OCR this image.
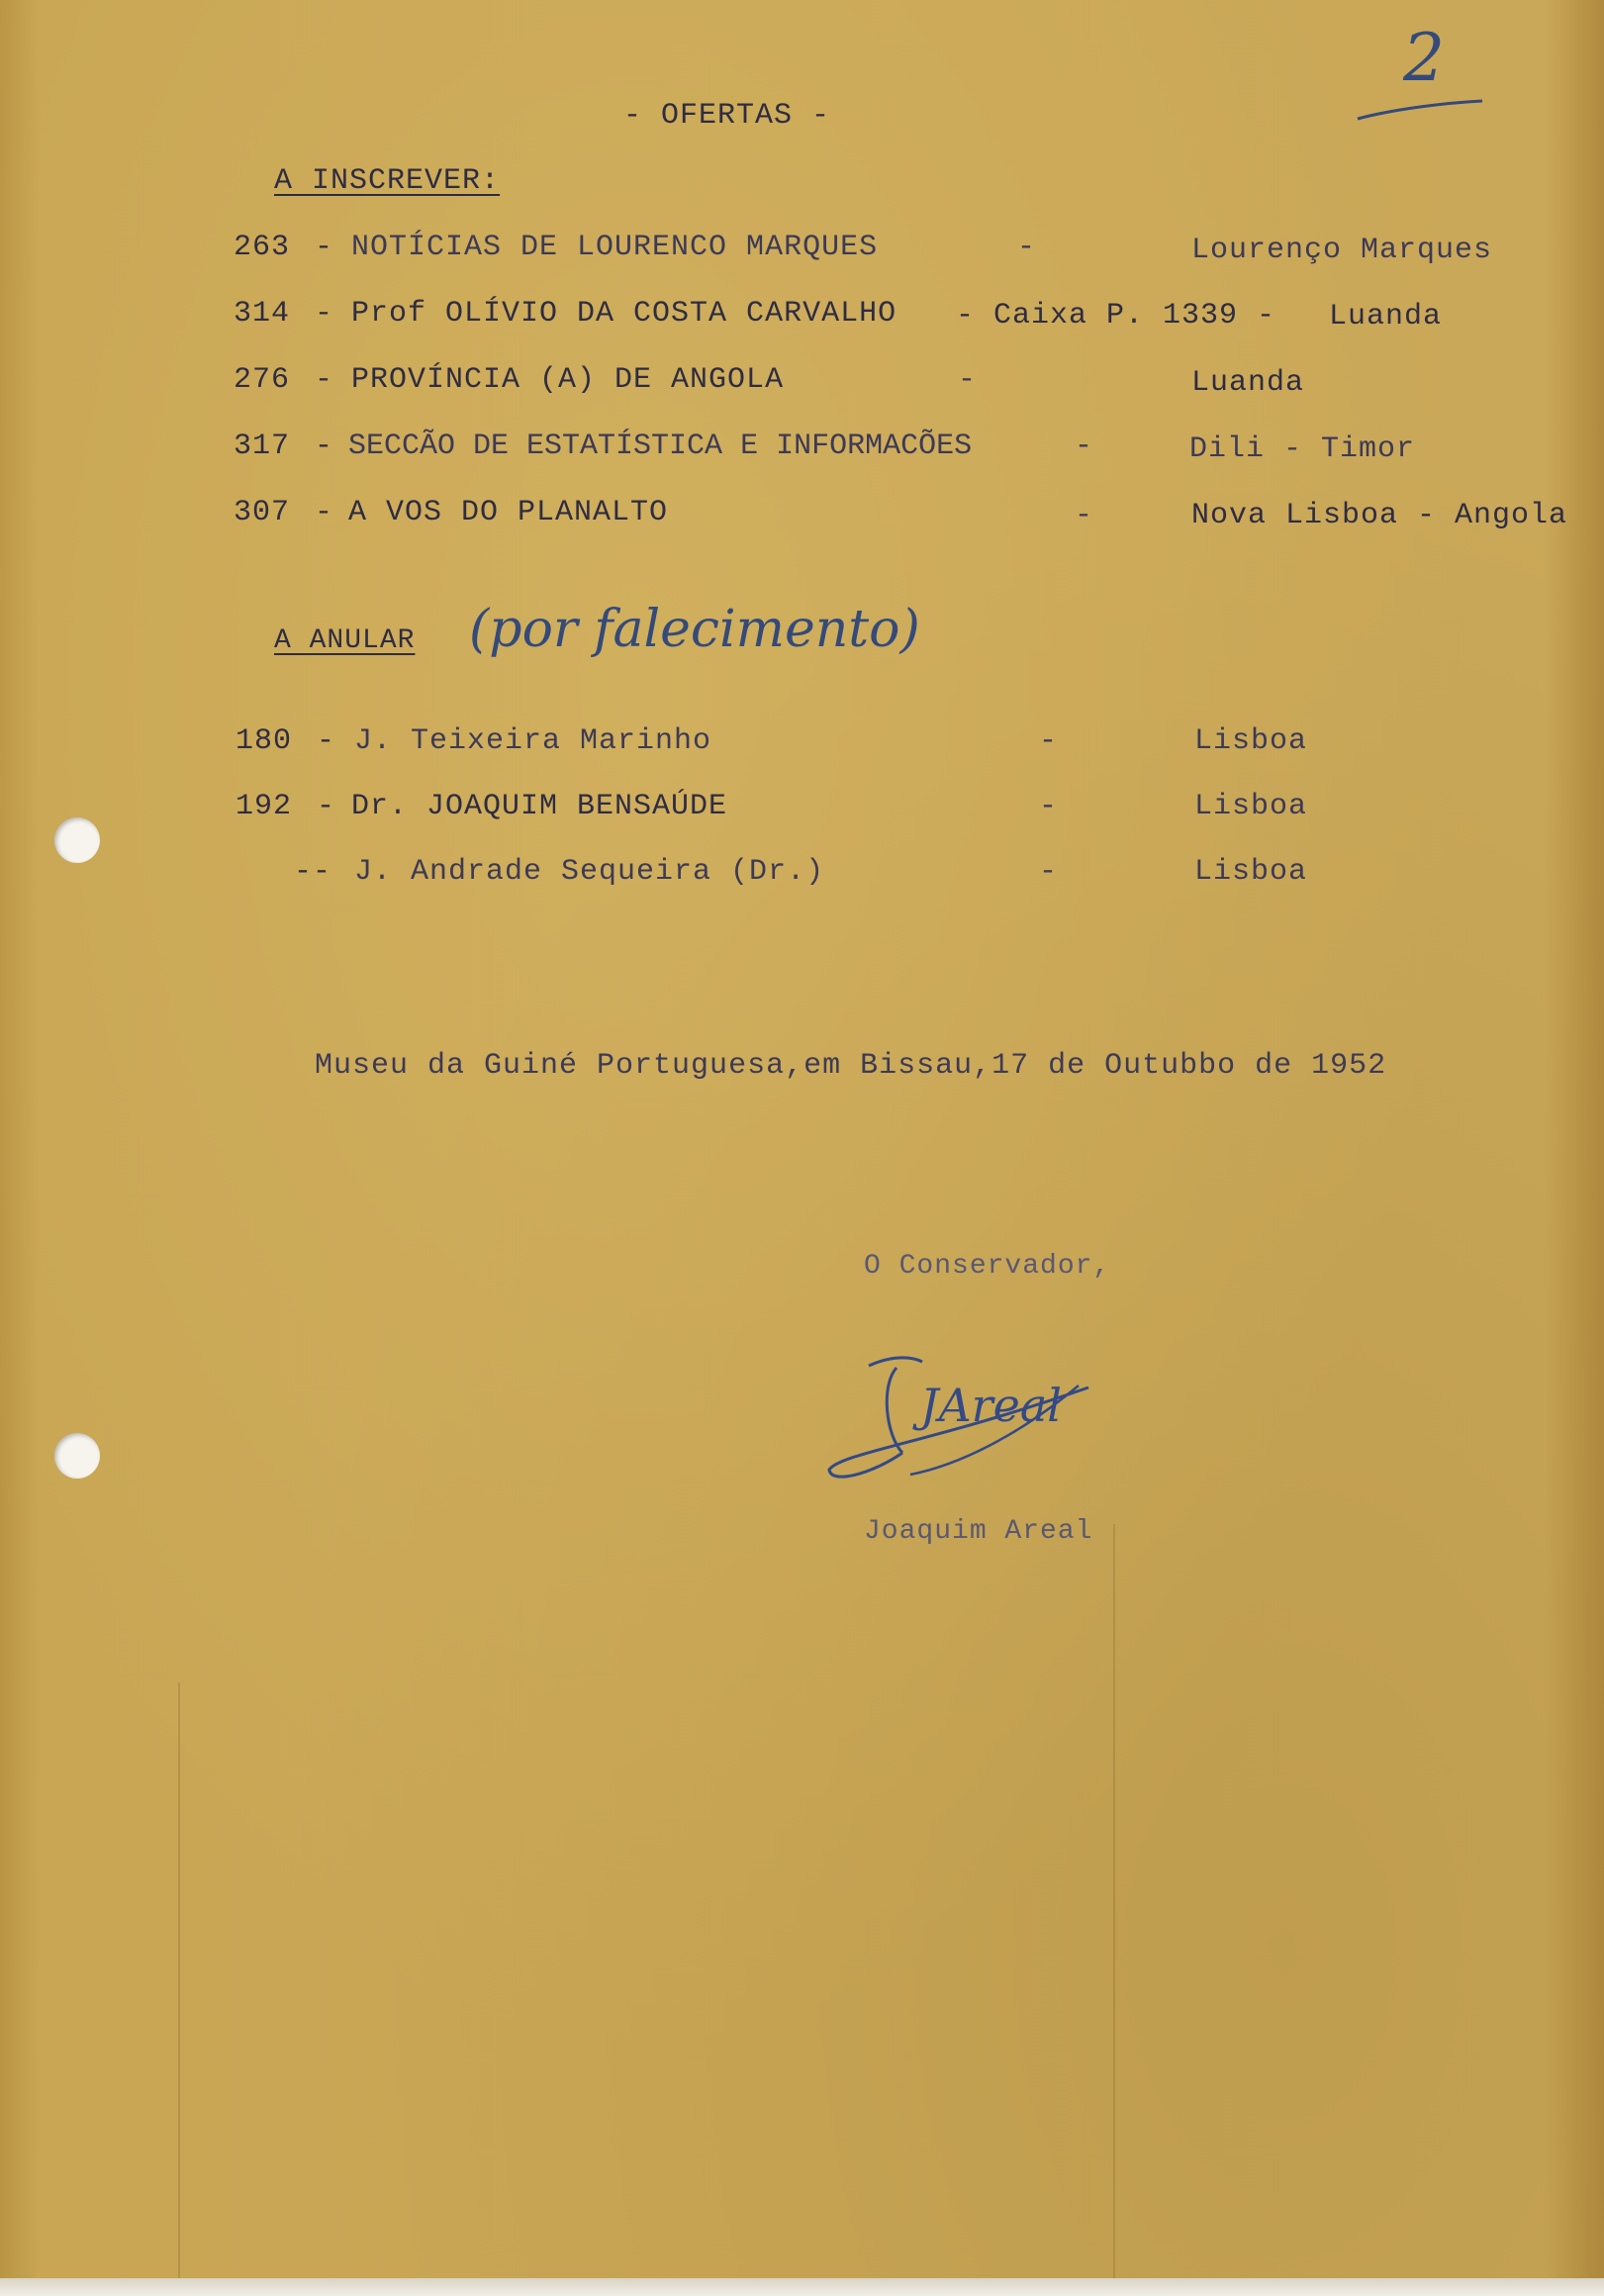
2
- OFERTAS -
A INSCREVER:
263 - NOTÍCIAS DE LOURENCO MARQUES	-	Lourenço Marques
314 - Prof OLÍVIO DA COSTA CARVALHO - Caixa P. 1339 - Luanda
276 - PROVÍNCIA (A) DE ANGOLA	-	Luanda
317 - SECCÃO DE ESTATÍSTICA E INFORMACÕES	-	Dili - Timor
307 - A VOS DO PLANALTO	-	Nova Lisboa - Angola
A ANULAR (por falecimento)
180 - J. Teixeira Marinho	-	Lisboa
192 - Dr. JOAQUIM BENSAÚDE	-	Lisboa
-- J. Andrade Sequeira (Dr.)	-	Lisboa
Museu da Guiné Portuguesa,em Bissau,17 de Outubbo de 1952
O Conservador,
JAreal
Joaquim Areal
